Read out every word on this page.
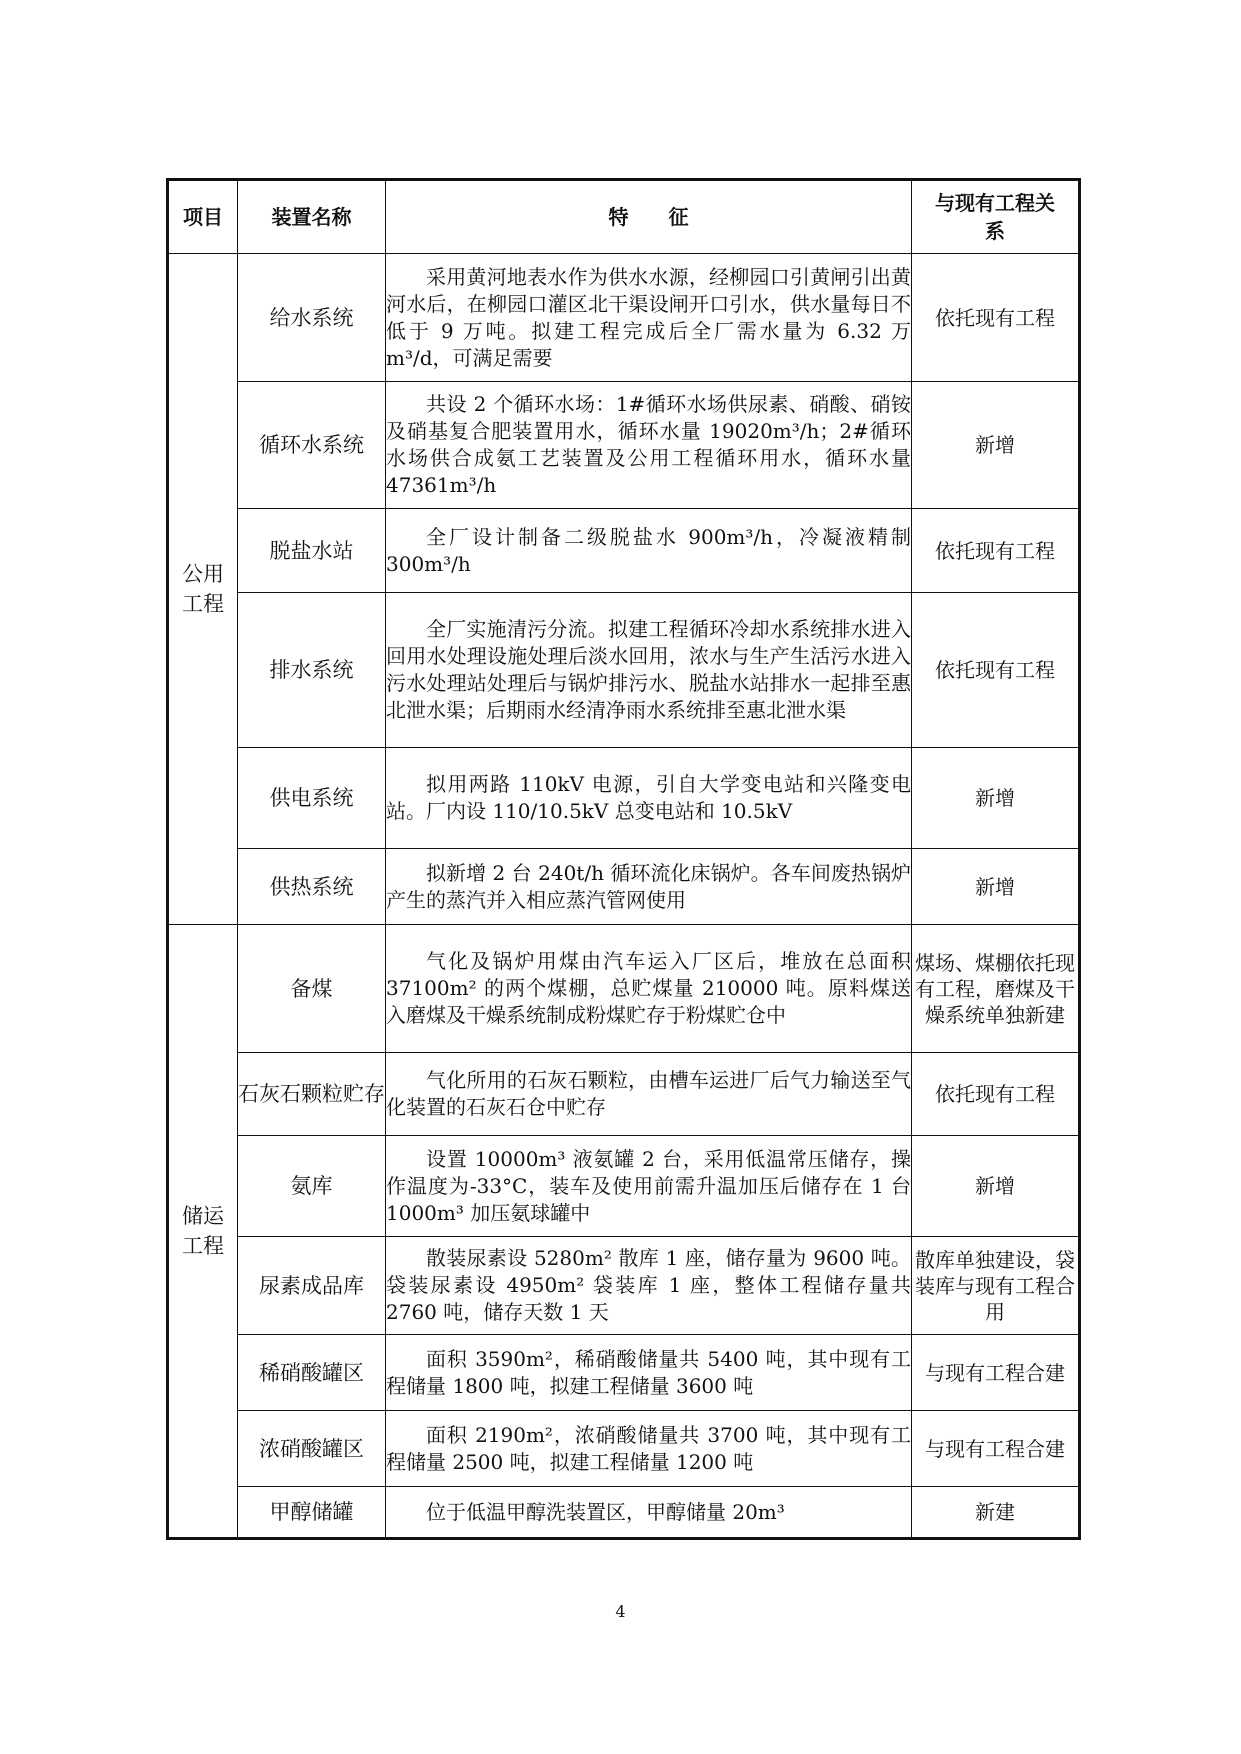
项目	装置名称	特　　征	与现有工程关系

公用工程	给水系统	采用黄河地表水作为供水水源，经柳园口引黄闸引出黄河水后，在柳园口灌区北干渠设闸开口引水，供水量每日不低于 9 万吨。拟建工程完成后全厂需水量为 6.32 万 m³/d，可满足需要	依托现有工程
	循环水系统	共设 2 个循环水场：1#循环水场供尿素、硝酸、硝铵及硝基复合肥装置用水，循环水量 19020m³/h；2#循环水场供合成氨工艺装置及公用工程循环用水，循环水量 47361m³/h	新增
	脱盐水站	全厂设计制备二级脱盐水 900m³/h，冷凝液精制300m³/h	依托现有工程
	排水系统	全厂实施清污分流。拟建工程循环冷却水系统排水进入回用水处理设施处理后淡水回用，浓水与生产生活污水进入污水处理站处理后与锅炉排污水、脱盐水站排水一起排至惠北泄水渠；后期雨水经清净雨水系统排至惠北泄水渠	依托现有工程
	供电系统	拟用两路 110kV 电源，引自大学变电站和兴隆变电站。厂内设 110/10.5kV 总变电站和 10.5kV	新增
	供热系统	拟新增 2 台 240t/h 循环流化床锅炉。各车间废热锅炉产生的蒸汽并入相应蒸汽管网使用	新增

储运工程	备煤	气化及锅炉用煤由汽车运入厂区后，堆放在总面积37100m² 的两个煤棚，总贮煤量 210000 吨。原料煤送入磨煤及干燥系统制成粉煤贮存于粉煤贮仓中	煤场、煤棚依托现有工程，磨煤及干燥系统单独新建
	石灰石颗粒贮存	气化所用的石灰石颗粒，由槽车运进厂后气力输送至气化装置的石灰石仓中贮存	依托现有工程
	氨库	设置 10000m³ 液氨罐 2 台，采用低温常压储存，操作温度为-33°C，装车及使用前需升温加压后储存在 1 台 1000m³ 加压氨球罐中	新增
	尿素成品库	散装尿素设 5280m² 散库 1 座，储存量为 9600 吨。袋装尿素设 4950m² 袋装库 1 座，整体工程储存量共2760 吨，储存天数 1 天	散库单独建设，袋装库与现有工程合用
	稀硝酸罐区	面积 3590m²，稀硝酸储量共 5400 吨，其中现有工程储量 1800 吨，拟建工程储量 3600 吨	与现有工程合建
	浓硝酸罐区	面积 2190m²，浓硝酸储量共 3700 吨，其中现有工程储量 2500 吨，拟建工程储量 1200 吨	与现有工程合建
	甲醇储罐	位于低温甲醇洗装置区，甲醇储量 20m³	新建
4
